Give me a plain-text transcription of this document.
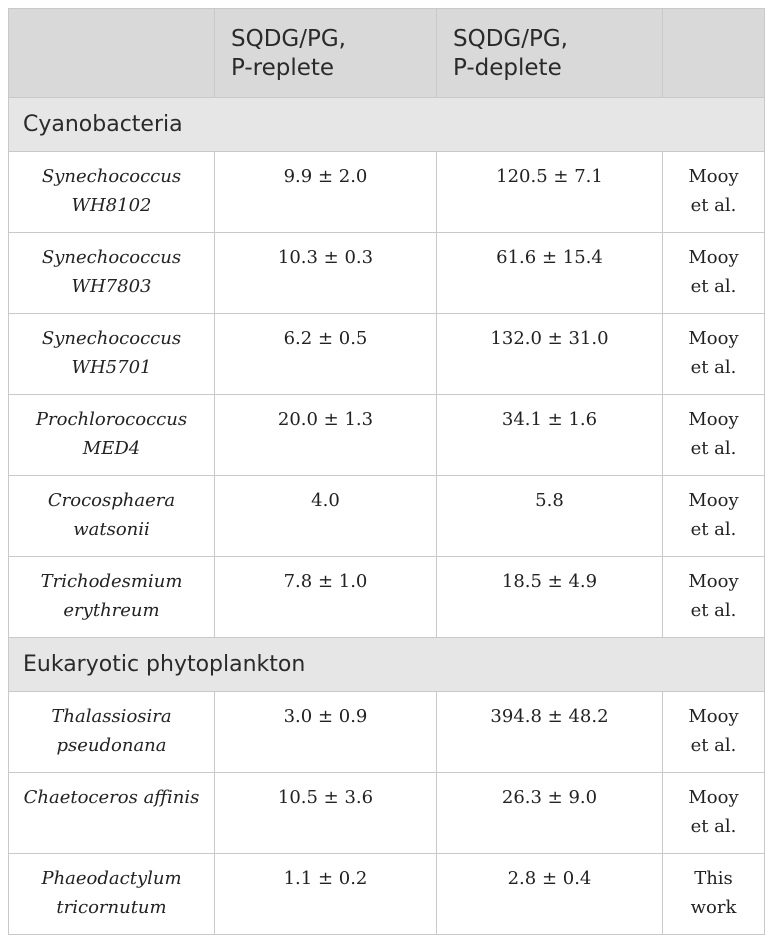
	SQDG/PG,
P-replete	SQDG/PG,
P-deplete	

Cyanobacteria			

Synechococcus
WH8102	9.9 ± 2.0	120.5 ± 7.1	Mooy
et al.

Synechococcus
WH7803	10.3 ± 0.3	61.6 ± 15.4	Mooy
et al.

Synechococcus
WH5701	6.2 ± 0.5	132.0 ± 31.0	Mooy
et al.

Prochlorococcus
MED4	20.0 ± 1.3	34.1 ± 1.6	Mooy
et al.

Crocosphaera
watsonii	4.0	5.8	Mooy
et al.

Trichodesmium
erythreum	7.8 ± 1.0	18.5 ± 4.9	Mooy
et al.

Eukaryotic phytoplankton			

Thalassiosira
pseudonana	3.0 ± 0.9	394.8 ± 48.2	Mooy
et al.

Chaetoceros affinis	10.5 ± 3.6	26.3 ± 9.0	Mooy
et al.

Phaeodactylum
tricornutum	1.1 ± 0.2	2.8 ± 0.4	This
work
